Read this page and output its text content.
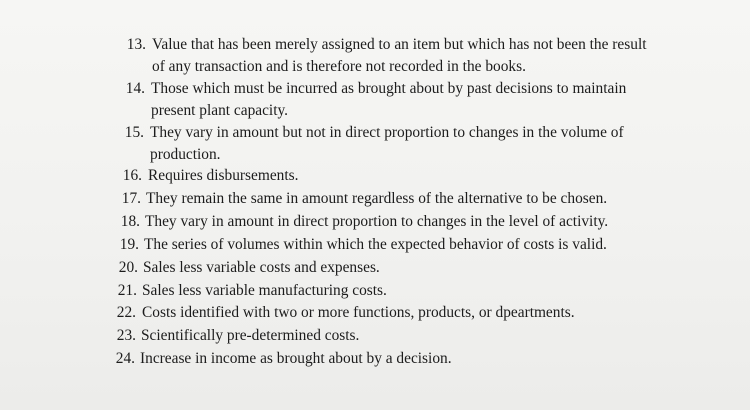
13. Value that has been merely assigned to an item but which has not been the result
of any transaction and is therefore not recorded in the books.
14. Those which must be incurred as brought about by past decisions to maintain
present plant capacity.
15. They vary in amount but not in direct proportion to changes in the volume of
production.
16. Requires disbursements.
17. They remain the same in amount regardless of the alternative to be chosen.
18. They vary in amount in direct proportion to changes in the level of activity.
19. The series of volumes within which the expected behavior of costs is valid.
20. Sales less variable costs and expenses.
21. Sales less variable manufacturing costs.
22. Costs identified with two or more functions, products, or dpeartments.
23. Scientifically pre-determined costs.
24. Increase in income as brought about by a decision.
